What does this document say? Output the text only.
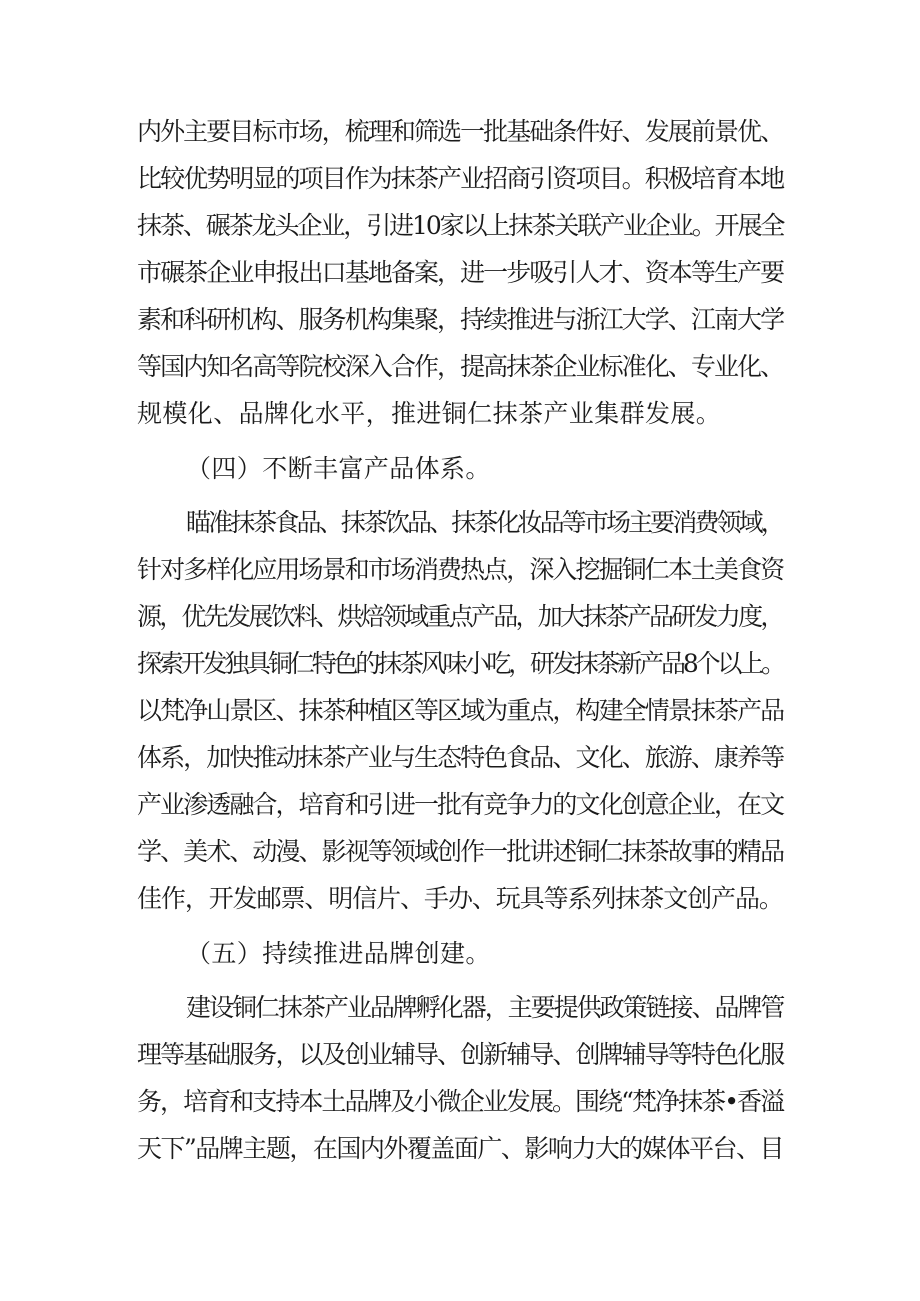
内外主要目标市场，梳理和筛选一批基础条件好、发展前景优、
比较优势明显的项目作为抹茶产业招商引资项目。积极培育本地
抹茶、碾茶龙头企业，引进10家以上抹茶关联产业企业。开展全
市碾茶企业申报出口基地备案，进一步吸引人才、资本等生产要
素和科研机构、服务机构集聚，持续推进与浙江大学、江南大学
等国内知名高等院校深入合作，提高抹茶企业标准化、专业化、
规模化、品牌化水平，推进铜仁抹茶产业集群发展。
（四）不断丰富产品体系。
瞄准抹茶食品、抹茶饮品、抹茶化妆品等市场主要消费领域，
针对多样化应用场景和市场消费热点，深入挖掘铜仁本土美食资
源，优先发展饮料、烘焙领域重点产品，加大抹茶产品研发力度，
探索开发独具铜仁特色的抹茶风味小吃，研发抹茶新产品8个以上。
以梵净山景区、抹茶种植区等区域为重点，构建全情景抹茶产品
体系，加快推动抹茶产业与生态特色食品、文化、旅游、康养等
产业渗透融合，培育和引进一批有竞争力的文化创意企业，在文
学、美术、动漫、影视等领域创作一批讲述铜仁抹茶故事的精品
佳作，开发邮票、明信片、手办、玩具等系列抹茶文创产品。
（五）持续推进品牌创建。
建设铜仁抹茶产业品牌孵化器，主要提供政策链接、品牌管
理等基础服务，以及创业辅导、创新辅导、创牌辅导等特色化服
务，培育和支持本土品牌及小微企业发展。围绕“梵净抹茶•香溢
天下”品牌主题，在国内外覆盖面广、影响力大的媒体平台、目
